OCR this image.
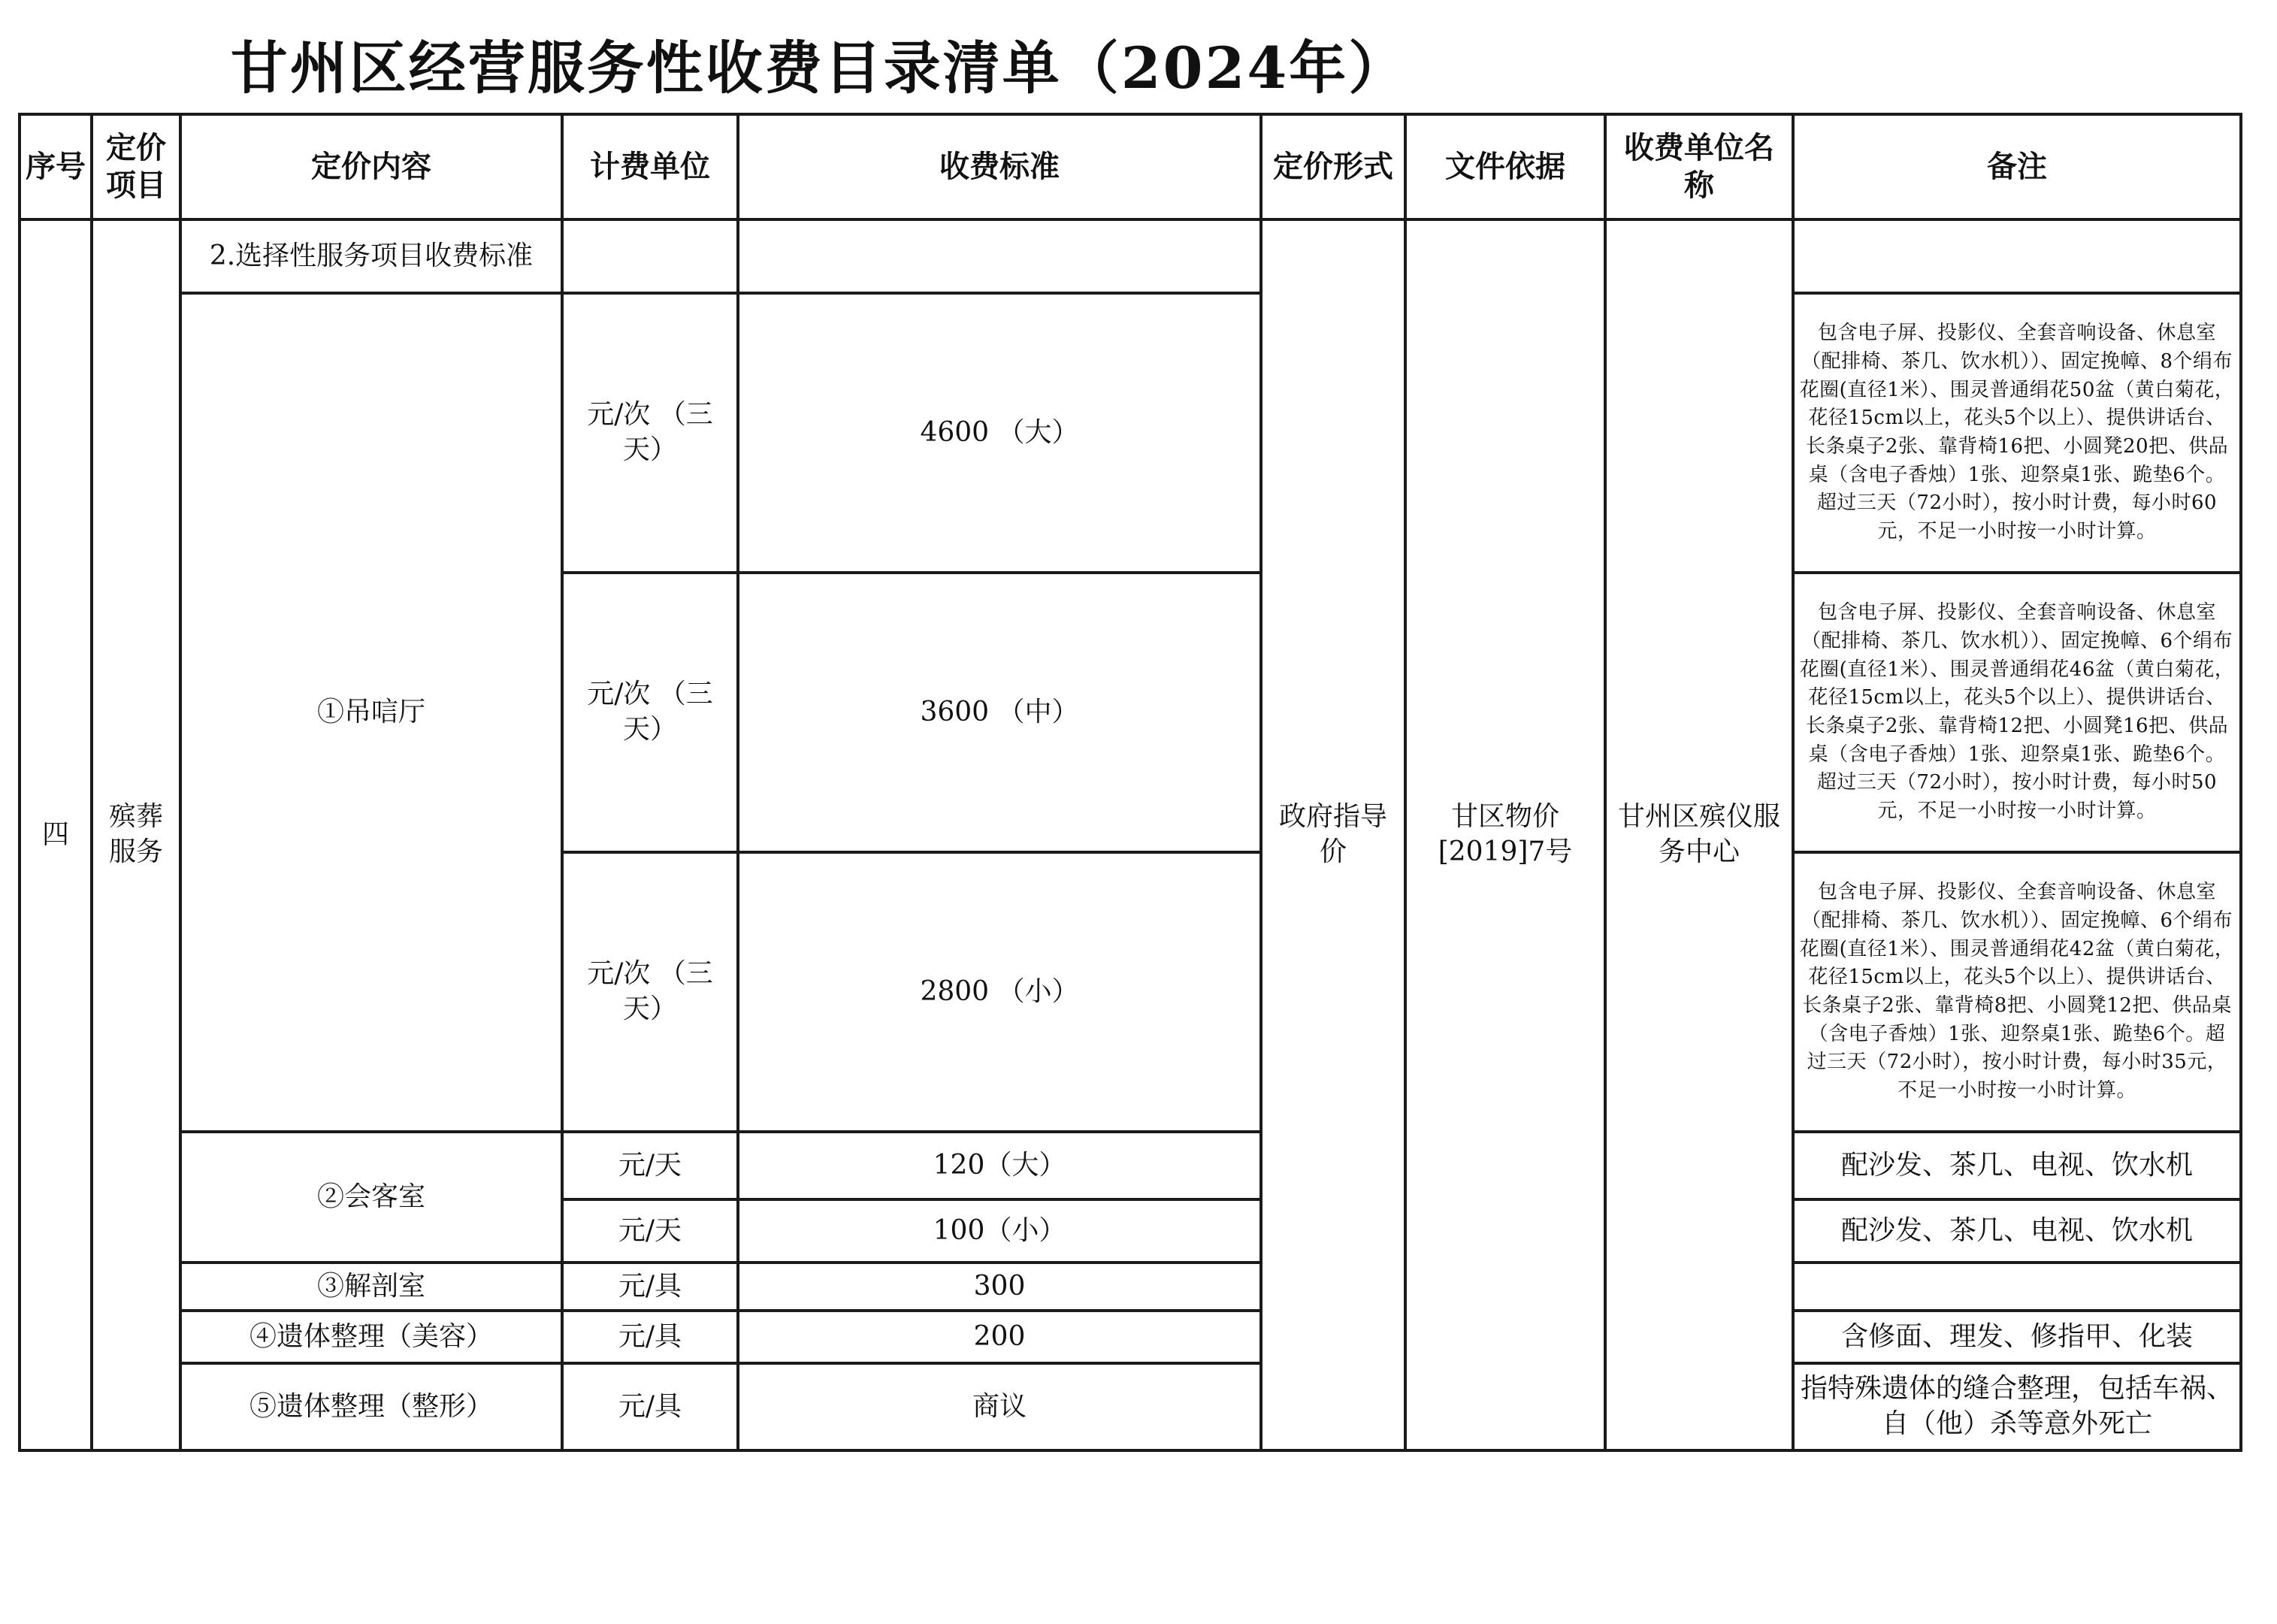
甘州区经营服务性收费目录清单（2024年）
序号	定价项目	定价内容	计费单位	收费标准	定价形式	文件依据	收费单位名称	备注
四	殡葬服务	2.选择性服务项目收费标准			政府指导价	甘区物价[2019]7号	甘州区殡仪服务中心	
		①吊唁厅	元/次 （三天）	4600 （大）				包含电子屏、投影仪、全套音响设备、休息室（配排椅、茶几、饮水机））、固定挽幛、8个绢布花圈(直径1米）、围灵普通绢花50盆（黄白菊花，花径15cm以上，花头5个以上）、提供讲话台、长条桌子2张、靠背椅16把、小圆凳20把、供品桌（含电子香烛）1张、迎祭桌1张、跪垫6个。超过三天（72小时），按小时计费，每小时60元，不足一小时按一小时计算。
			元/次 （三天）	3600 （中）				包含电子屏、投影仪、全套音响设备、休息室（配排椅、茶几、饮水机））、固定挽幛、6个绢布花圈(直径1米）、围灵普通绢花46盆（黄白菊花，花径15cm以上，花头5个以上）、提供讲话台、长条桌子2张、靠背椅12把、小圆凳16把、供品桌（含电子香烛）1张、迎祭桌1张、跪垫6个。超过三天（72小时），按小时计费，每小时50元，不足一小时按一小时计算。
			元/次 （三天）	2800 （小）				包含电子屏、投影仪、全套音响设备、休息室（配排椅、茶几、饮水机））、固定挽幛、6个绢布花圈(直径1米）、围灵普通绢花42盆（黄白菊花，花径15cm以上，花头5个以上）、提供讲话台、长条桌子2张、靠背椅8把、小圆凳12把、供品桌（含电子香烛）1张、迎祭桌1张、跪垫6个。超过三天（72小时），按小时计费，每小时35元，不足一小时按一小时计算。
		②会客室	元/天	120（大）				配沙发、茶几、电视、饮水机
			元/天	100（小）				配沙发、茶几、电视、饮水机
		③解剖室	元/具	300				
		④遗体整理（美容）	元/具	200				含修面、理发、修指甲、化装
		⑤遗体整理（整形）	元/具	商议				指特殊遗体的缝合整理，包括车祸、自（他）杀等意外死亡
